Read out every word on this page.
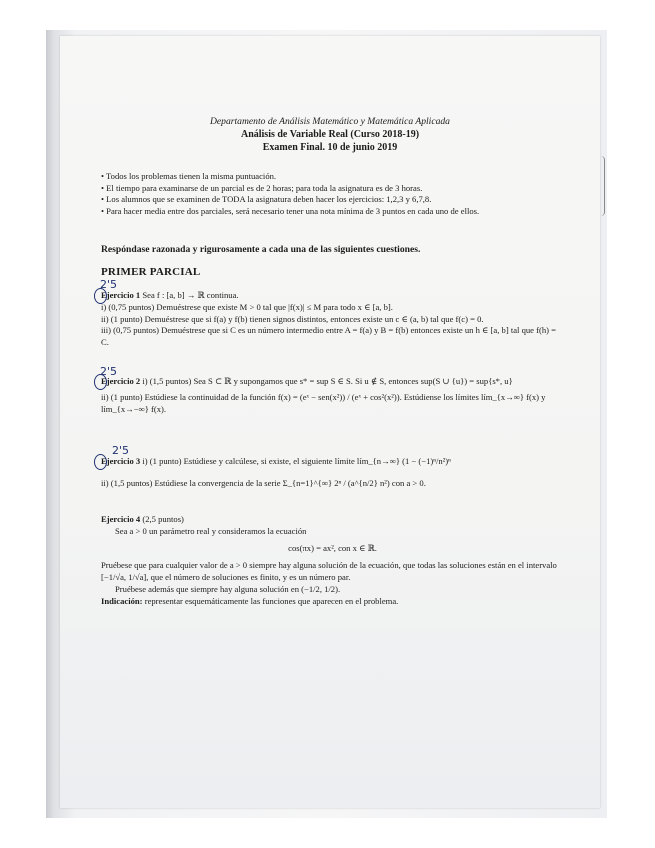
Departamento de Análisis Matemático y Matemática Aplicada
Análisis de Variable Real (Curso 2018-19)
Examen Final. 10 de junio 2019
• Todos los problemas tienen la misma puntuación.
• El tiempo para examinarse de un parcial es de 2 horas; para toda la asignatura es de 3 horas.
• Los alumnos que se examinen de TODA la asignatura deben hacer los ejercicios: 1,2,3 y 6,7,8.
• Para hacer media entre dos parciales, será necesario tener una nota mínima de 3 puntos en cada uno de ellos.
Respóndase razonada y rigurosamente a cada una de las siguientes cuestiones.
PRIMER PARCIAL

Ejercicio 1 Sea f : [a, b] → ℝ continua.

i) (0,75 puntos) Demuéstrese que existe M > 0 tal que |f(x)| ≤ M para todo x ∈ [a, b].

ii) (1 punto) Demuéstrese que si f(a) y f(b) tienen signos distintos, entonces existe un c ∈ (a, b) tal que f(c) = 0.

iii) (0,75 puntos) Demuéstrese que si C es un número intermedio entre A = f(a) y B = f(b) entonces existe un h ∈ [a, b] tal que f(h) = C.

Ejercicio 2 i) (1,5 puntos) Sea S ⊂ ℝ y supongamos que s* = sup S ∈ S. Si u ∉ S, entonces sup(S ∪ {u}) = sup{s*, u}

ii) (1 punto) Estúdiese la continuidad de la función f(x) = (eˣ − sen(x²)) / (eˣ + cos²(x²)). Estúdiense los límites lím_{x→∞} f(x) y lím_{x→−∞} f(x).

Ejercicio 3 i) (1 punto) Estúdiese y calcúlese, si existe, el siguiente límite lím_{n→∞} (1 − (−1)ⁿ/n²)ⁿ

ii) (1,5 puntos) Estúdiese la convergencia de la serie Σ_{n=1}^{∞} 2ⁿ / (a^{n/2} n²) con a > 0.

Ejercicio 4 (2,5 puntos)

Sea a > 0 un parámetro real y consideramos la ecuación

cos(πx) = ax², con x ∈ ℝ.

Pruébese que para cualquier valor de a > 0 siempre hay alguna solución de la ecuación, que todas las soluciones están en el intervalo [−1/√a, 1/√a], que el número de soluciones es finito, y es un número par.

Pruébese además que siempre hay alguna solución en (−1/2, 1/2).

Indicación: representar esquemáticamente las funciones que aparecen en el problema.

2'5
2'5
2'5
